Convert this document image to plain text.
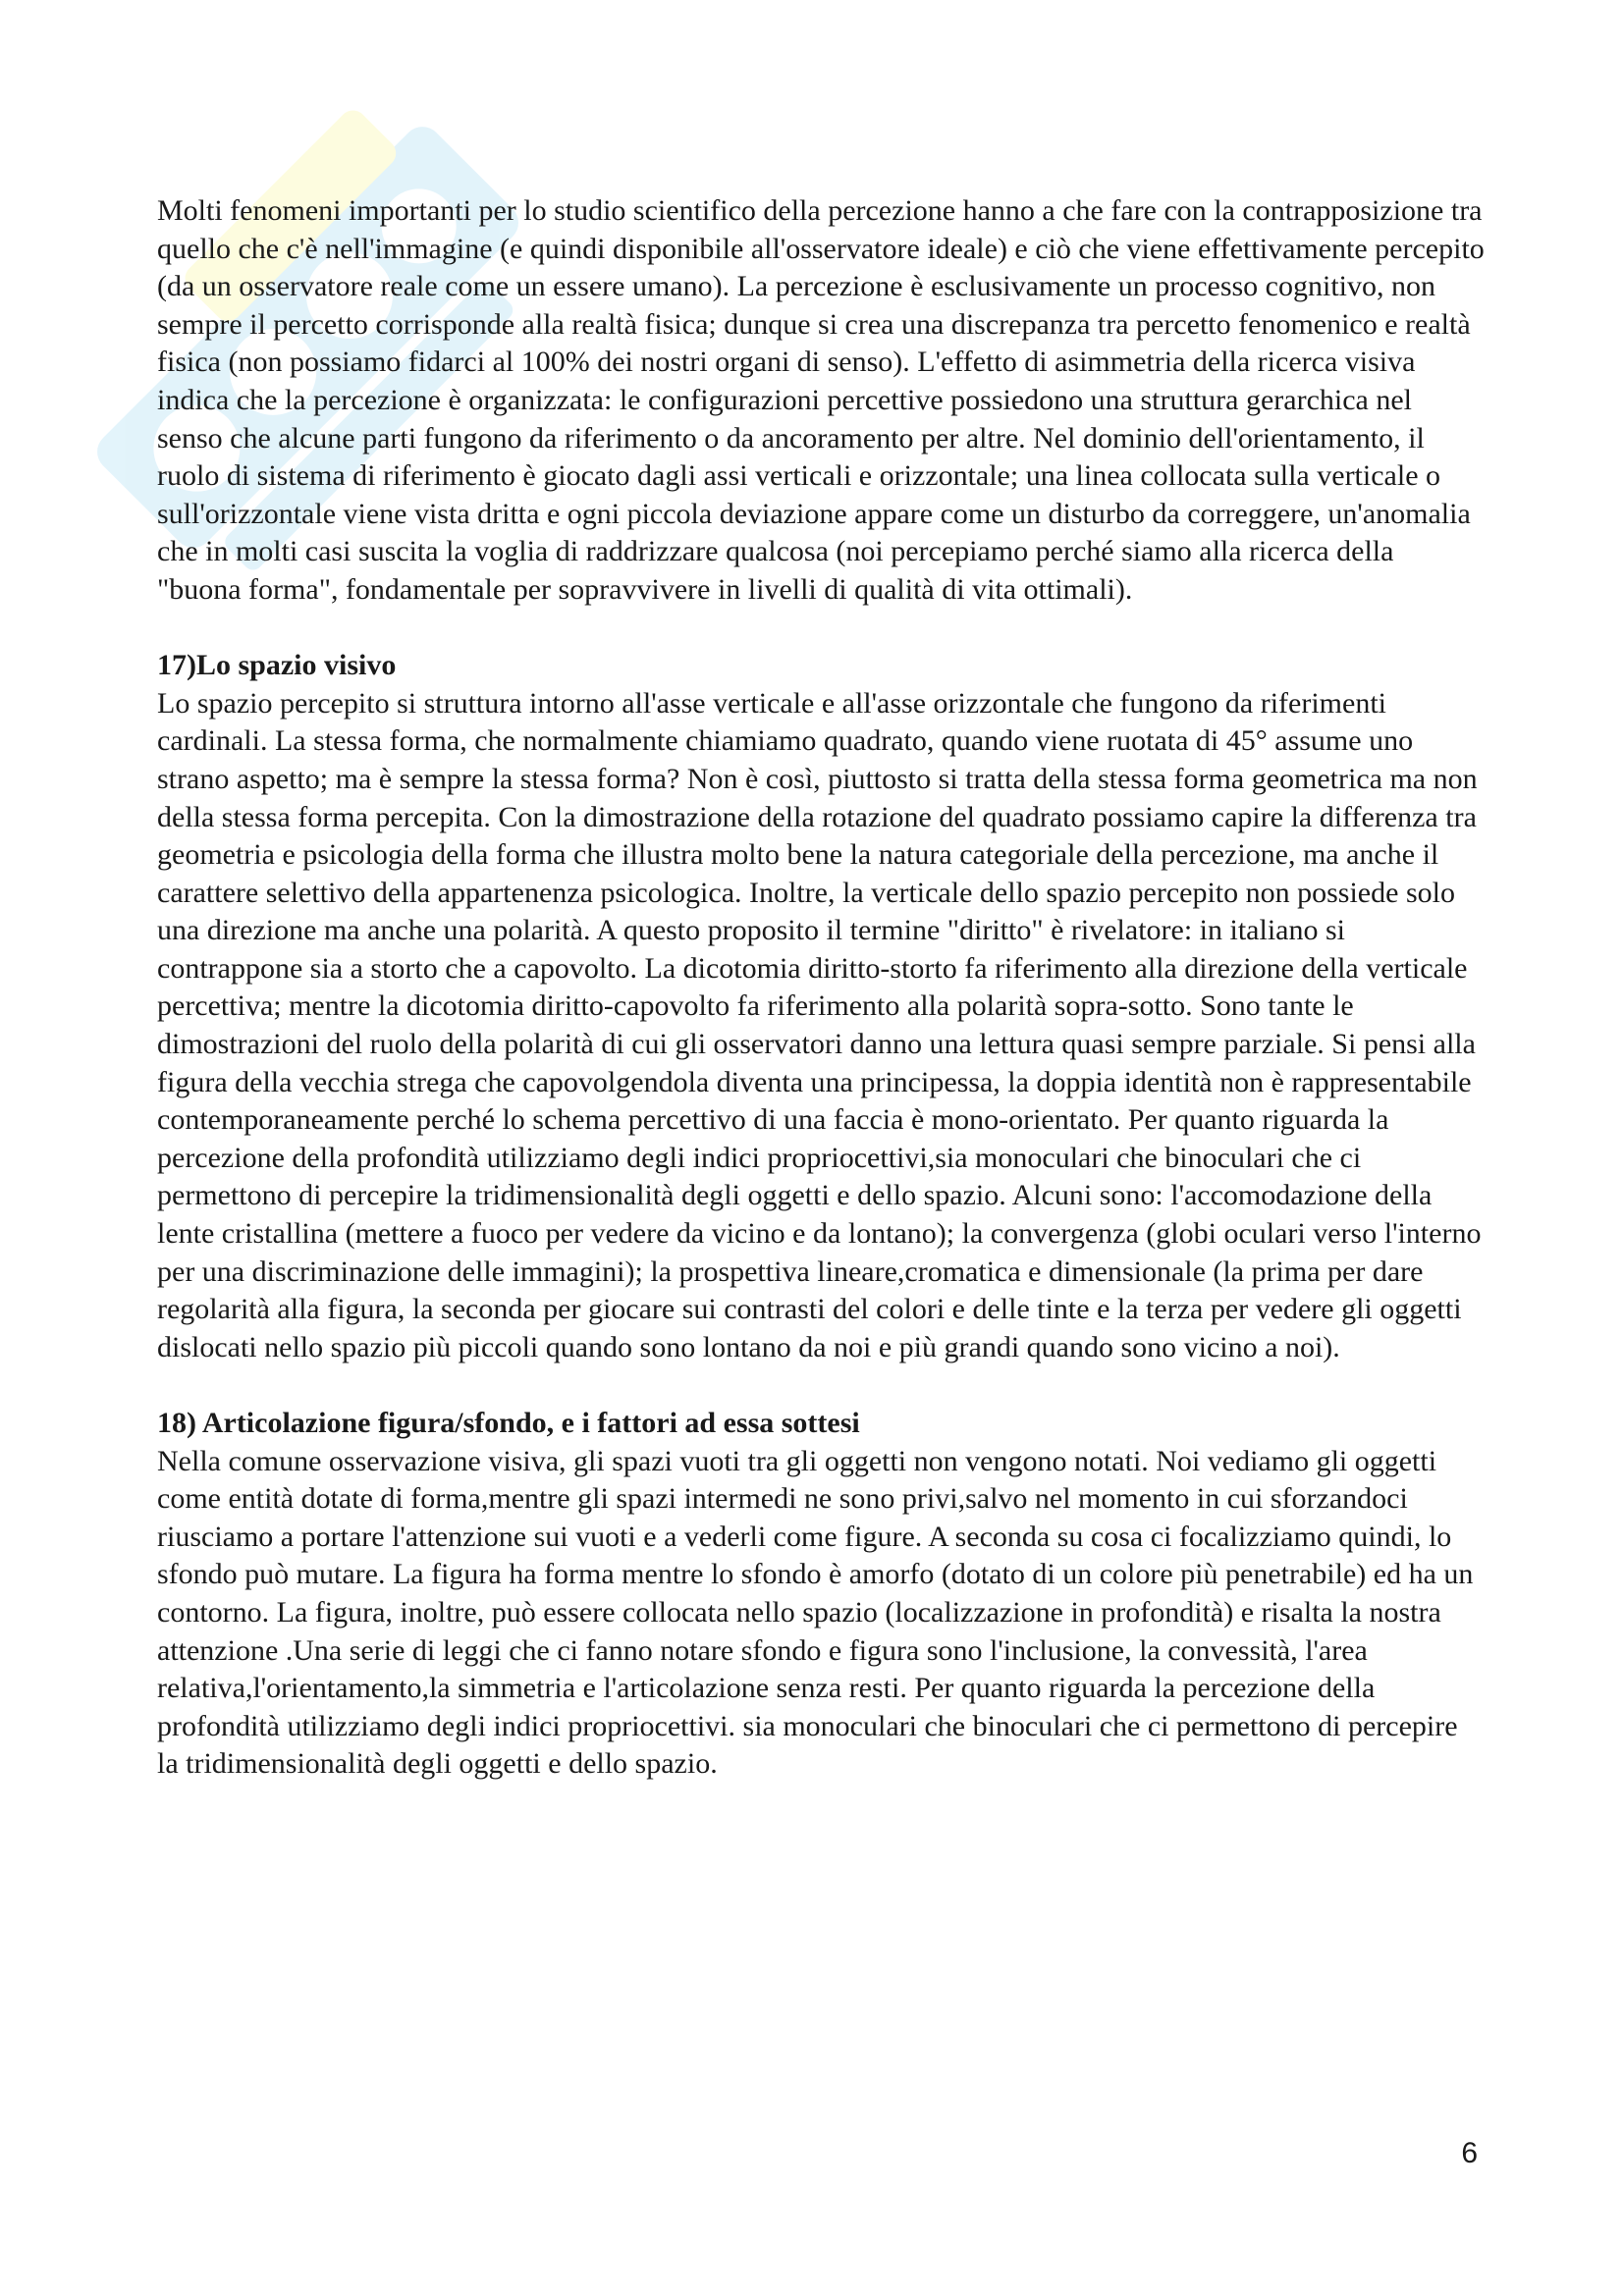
Molti fenomeni importanti per lo studio scientifico della percezione hanno a che fare con la contrapposizione tra quello che c'è nell'immagine (e quindi disponibile all'osservatore ideale) e ciò che viene effettivamente percepito (da un osservatore reale come un essere umano). La percezione è esclusivamente un processo cognitivo, non sempre il percetto corrisponde alla realtà fisica; dunque si crea una discrepanza tra percetto fenomenico e realtà fisica (non possiamo fidarci al 100% dei nostri organi di senso). L'effetto di asimmetria della ricerca visiva indica che la percezione è organizzata: le configurazioni percettive possiedono una struttura gerarchica nel senso che alcune parti fungono da riferimento o da ancoramento per altre. Nel dominio dell'orientamento, il ruolo di sistema di riferimento è giocato dagli assi verticali e orizzontale; una linea collocata sulla verticale o sull'orizzontale viene vista dritta e ogni piccola deviazione appare come un disturbo da correggere, un'anomalia che in molti casi suscita la voglia di raddrizzare qualcosa (noi percepiamo perché siamo alla ricerca della "buona forma", fondamentale per sopravvivere in livelli di qualità di vita ottimali).

17)Lo spazio visivo

Lo spazio percepito si struttura intorno all'asse verticale e all'asse orizzontale che fungono da riferimenti cardinali. La stessa forma, che normalmente chiamiamo quadrato, quando viene ruotata di 45° assume uno strano aspetto; ma è sempre la stessa forma? Non è così, piuttosto si tratta della stessa forma geometrica ma non della stessa forma percepita. Con la dimostrazione della rotazione del quadrato possiamo capire la differenza tra geometria e psicologia della forma che illustra molto bene la natura categoriale della percezione, ma anche il carattere selettivo della appartenenza psicologica. Inoltre, la verticale dello spazio percepito non possiede solo una direzione ma anche una polarità. A questo proposito il termine "diritto" è rivelatore: in italiano si contrappone sia a storto che a capovolto. La dicotomia diritto-storto fa riferimento alla direzione della verticale percettiva; mentre la dicotomia diritto-capovolto fa riferimento alla polarità sopra-sotto. Sono tante le dimostrazioni del ruolo della polarità di cui gli osservatori danno una lettura quasi sempre parziale. Si pensi alla figura della vecchia strega che capovolgendola diventa una principessa, la doppia identità non è rappresentabile contemporaneamente perché lo schema percettivo di una faccia è mono-orientato. Per quanto riguarda la percezione della profondità utilizziamo degli indici propriocettivi,sia monoculari che binoculari che ci permettono di percepire la tridimensionalità degli oggetti e dello spazio. Alcuni sono: l'accomodazione della lente cristallina (mettere a fuoco per vedere da vicino e da lontano); la convergenza (globi oculari verso l'interno per una discriminazione delle immagini); la prospettiva lineare,cromatica e dimensionale (la prima per dare regolarità alla figura, la seconda per giocare sui contrasti del colori e delle tinte e la terza per vedere gli oggetti dislocati nello spazio più piccoli quando sono lontano da noi e più grandi quando sono vicino a noi).

18) Articolazione figura/sfondo, e i fattori ad essa sottesi

Nella comune osservazione visiva, gli spazi vuoti tra gli oggetti non vengono notati. Noi vediamo gli oggetti come entità dotate di forma,mentre gli spazi intermedi ne sono privi,salvo nel momento in cui sforzandoci riusciamo a portare l'attenzione sui vuoti e a vederli come figure. A seconda su cosa ci focalizziamo quindi, lo sfondo può mutare. La figura ha forma mentre lo sfondo è amorfo (dotato di un colore più penetrabile) ed ha un contorno. La figura, inoltre, può essere collocata nello spazio (localizzazione in profondità) e risalta la nostra attenzione .Una serie di leggi che ci fanno notare sfondo e figura sono l'inclusione, la convessità, l'area relativa,l'orientamento,la simmetria e l'articolazione senza resti. Per quanto riguarda la percezione della profondità utilizziamo degli indici propriocettivi. sia monoculari che binoculari che ci permettono di percepire la tridimensionalità degli oggetti e dello spazio.

6
